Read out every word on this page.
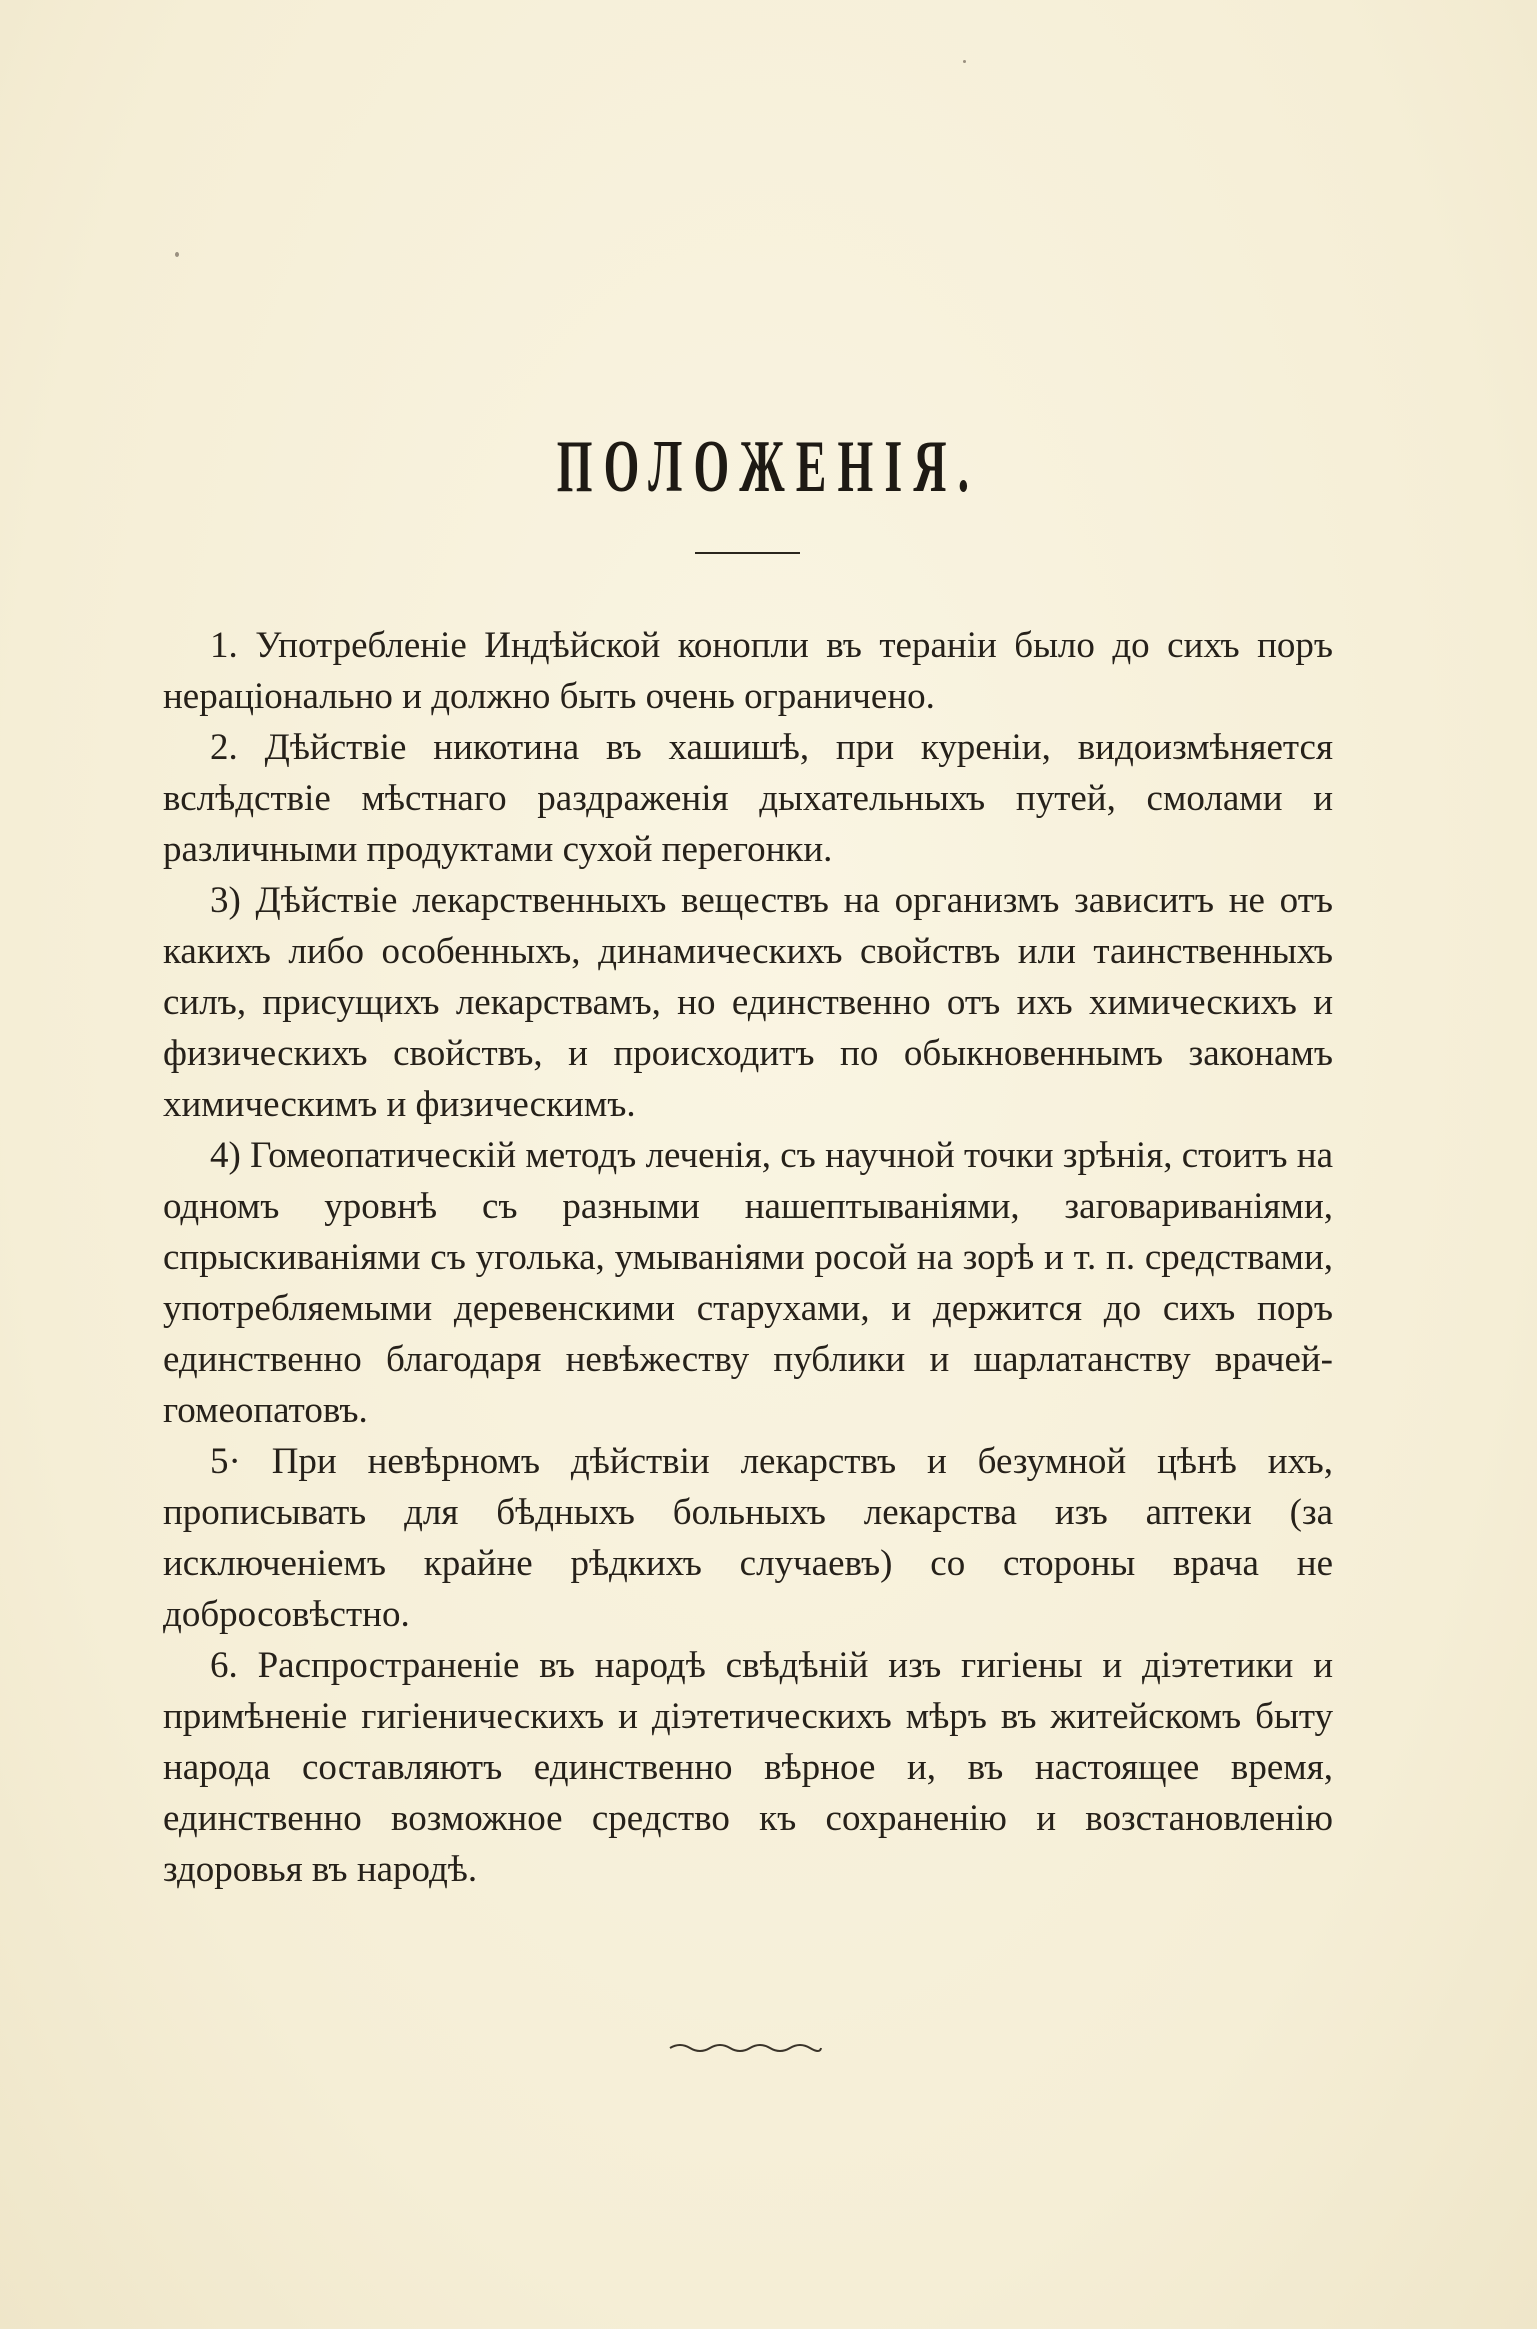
ПОЛОЖЕНІЯ.

1. Употребленіе Индѣйской конопли въ тераніи было до сихъ поръ нераціонально и должно быть очень ограничено.

2. Дѣйствіе никотина въ хашишѣ, при куреніи, видоизмѣняется вслѣдствіе мѣстнаго раздраженія дыхательныхъ путей, смолами и различными продуктами сухой перегонки.

3) Дѣйствіе лекарственныхъ веществъ на организмъ зависитъ не отъ какихъ либо особенныхъ, динамическихъ свойствъ или таинственныхъ силъ, присущихъ лекарствамъ, но единственно отъ ихъ химическихъ и физическихъ свойствъ, и происходитъ по обыкновеннымъ законамъ химическимъ и физическимъ.

4) Гомеопатическій методъ леченія, съ научной точки зрѣнія, стоитъ на одномъ уровнѣ съ разными нашептываніями, заговариваніями, спрыскиваніями съ уголька, умываніями росой на зорѣ и т. п. средствами, употребляемыми деревенскими старухами, и держится до сихъ поръ единственно благодаря невѣжеству публики и шарлатанству врачей-гомеопатовъ.

5· При невѣрномъ дѣйствіи лекарствъ и безумной цѣнѣ ихъ, прописывать для бѣдныхъ больныхъ лекарства изъ аптеки (за исключеніемъ крайне рѣдкихъ случаевъ) со стороны врача не добросовѣстно.

6. Распространеніе въ народѣ свѣдѣній изъ гигіены и діэтетики и примѣненіе гигіеническихъ и діэтетическихъ мѣръ въ житейскомъ быту народа составляютъ единственно вѣрное и, въ настоящее время, единственно возможное средство къ сохраненію и возстановленію здоровья въ народѣ.
